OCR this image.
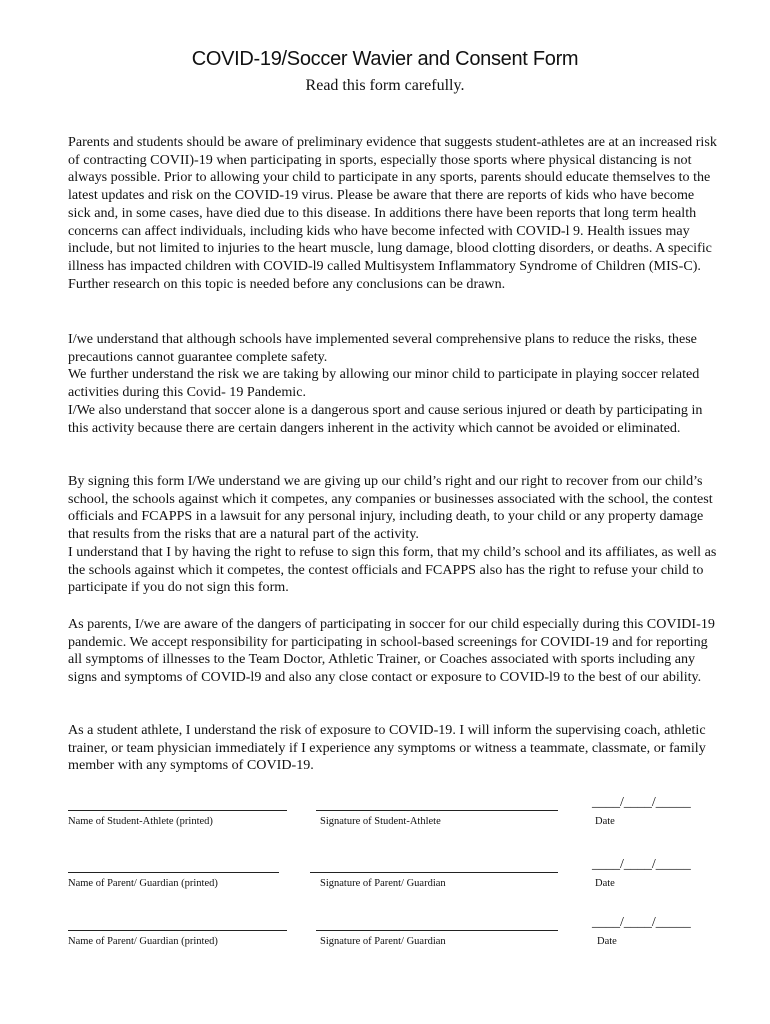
COVID-19/Soccer Wavier and Consent Form
Read this form carefully.

Parents and students should be aware of preliminary evidence that suggests student-athletes are at an increased risk of contracting COVII)-19 when participating in sports, especially those sports where physical distancing is not always possible. Prior to allowing your child to participate in any sports, parents should educate themselves to the latest updates and risk on the COVID-19 virus. Please be aware that there are reports of kids who have become sick and, in some cases, have died due to this disease. In additions there have been reports that long term health concerns can affect individuals, including kids who have become infected with COVID-l 9. Health issues may include, but not limited to injuries to the heart muscle, lung damage, blood clotting disorders, or deaths. A specific illness has impacted children with COVID-l9 called Multisystem Inflammatory Syndrome of Children (MIS-C). Further research on this topic is needed before any conclusions can be drawn.

I/we understand that although schools have implemented several comprehensive plans to reduce the risks, these precautions cannot guarantee complete safety.

We further understand the risk we are taking by allowing our minor child to participate in playing soccer related activities during this Covid- 19 Pandemic.

I/We also understand that soccer alone is a dangerous sport and cause serious injured or death by participating in this activity because there are certain dangers inherent in the activity which cannot be avoided or eliminated.

By signing this form I/We understand we are giving up our child’s right and our right to recover from our child’s school, the schools against which it competes, any companies or businesses associated with the school, the contest officials and FCAPPS in a lawsuit for any personal injury, including death, to your child or any property damage that results from the risks that are a natural part of the activity.

I understand that I by having the right to refuse to sign this form, that my child’s school and its affiliates, as well as the schools against which it competes, the contest officials and FCAPPS also has the right to refuse your child to participate if you do not sign this form.

As parents, I/we are aware of the dangers of participating in soccer for our child especially during this COVIDI-19 pandemic. We accept responsibility for participating in school-based screenings for COVIDI-19 and for reporting all symptoms of illnesses to the Team Doctor, Athletic Trainer, or Coaches associated with sports including any signs and symptoms of COVID-l9 and also any close contact or exposure to COVID-l9 to the best of our ability.

As a student athlete, I understand the risk of exposure to COVID-19. I will inform the supervising coach, athletic trainer, or team physician immediately if I experience any symptoms or witness a teammate, classmate, or family member with any symptoms of COVID-19.

Name of Student-Athlete (printed)	Signature of Student-Athlete
____/____/_____
Date
Name of Parent/ Guardian (printed)	Signature of Parent/ Guardian
____/____/_____
Date
Name of Parent/ Guardian (printed)	Signature of Parent/ Guardian
____/____/_____
Date
